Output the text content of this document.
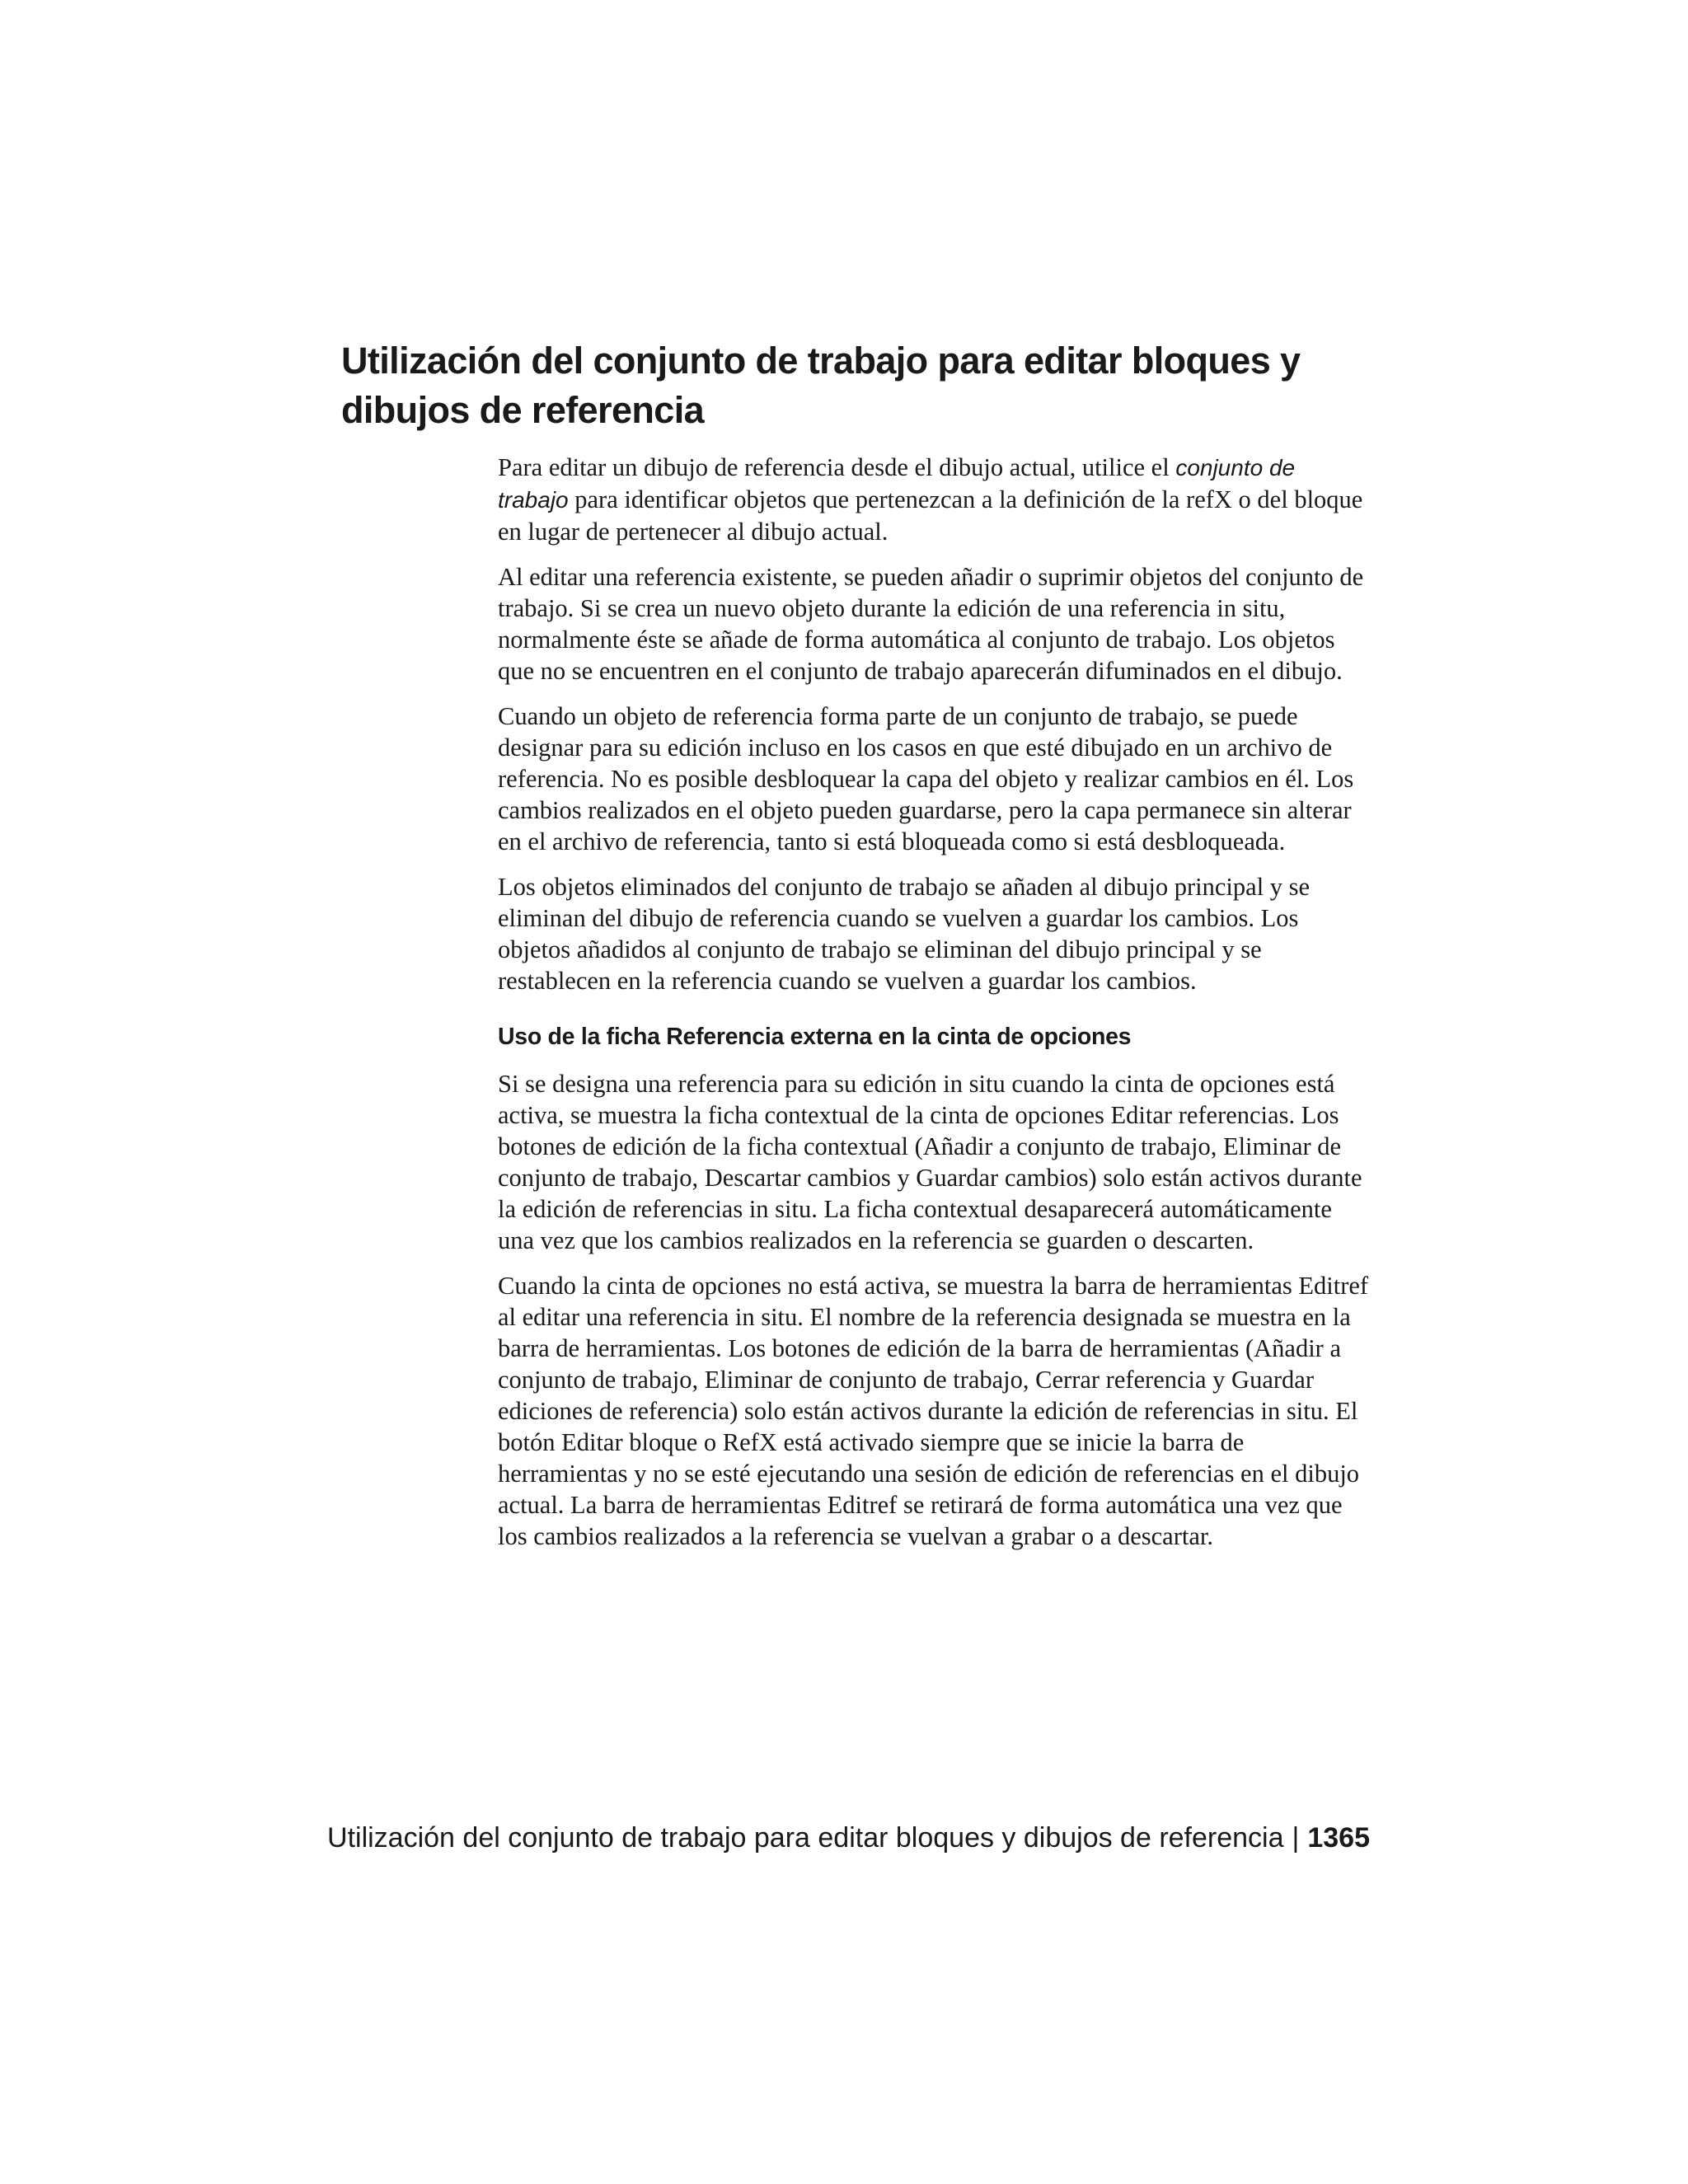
Utilización del conjunto de trabajo para editar bloques y dibujos de referencia

Para editar un dibujo de referencia desde el dibujo actual, utilice el conjunto de trabajo para identificar objetos que pertenezcan a la definición de la refX o del bloque en lugar de pertenecer al dibujo actual.

Al editar una referencia existente, se pueden añadir o suprimir objetos del conjunto de trabajo. Si se crea un nuevo objeto durante la edición de una referencia in situ, normalmente éste se añade de forma automática al conjunto de trabajo. Los objetos que no se encuentren en el conjunto de trabajo aparecerán difuminados en el dibujo.

Cuando un objeto de referencia forma parte de un conjunto de trabajo, se puede designar para su edición incluso en los casos en que esté dibujado en un archivo de referencia. No es posible desbloquear la capa del objeto y realizar cambios en él. Los cambios realizados en el objeto pueden guardarse, pero la capa permanece sin alterar en el archivo de referencia, tanto si está bloqueada como si está desbloqueada.

Los objetos eliminados del conjunto de trabajo se añaden al dibujo principal y se eliminan del dibujo de referencia cuando se vuelven a guardar los cambios. Los objetos añadidos al conjunto de trabajo se eliminan del dibujo principal y se restablecen en la referencia cuando se vuelven a guardar los cambios.

Uso de la ficha Referencia externa en la cinta de opciones

Si se designa una referencia para su edición in situ cuando la cinta de opciones está activa, se muestra la ficha contextual de la cinta de opciones Editar referencias. Los botones de edición de la ficha contextual (Añadir a conjunto de trabajo, Eliminar de conjunto de trabajo, Descartar cambios y Guardar cambios) solo están activos durante la edición de referencias in situ. La ficha contextual desaparecerá automáticamente una vez que los cambios realizados en la referencia se guarden o descarten.

Cuando la cinta de opciones no está activa, se muestra la barra de herramientas Editref al editar una referencia in situ. El nombre de la referencia designada se muestra en la barra de herramientas. Los botones de edición de la barra de herramientas (Añadir a conjunto de trabajo, Eliminar de conjunto de trabajo, Cerrar referencia y Guardar ediciones de referencia) solo están activos durante la edición de referencias in situ. El botón Editar bloque o RefX está activado siempre que se inicie la barra de herramientas y no se esté ejecutando una sesión de edición de referencias en el dibujo actual. La barra de herramientas Editref se retirará de forma automática una vez que los cambios realizados a la referencia se vuelvan a grabar o a descartar.

Utilización del conjunto de trabajo para editar bloques y dibujos de referencia | 1365
